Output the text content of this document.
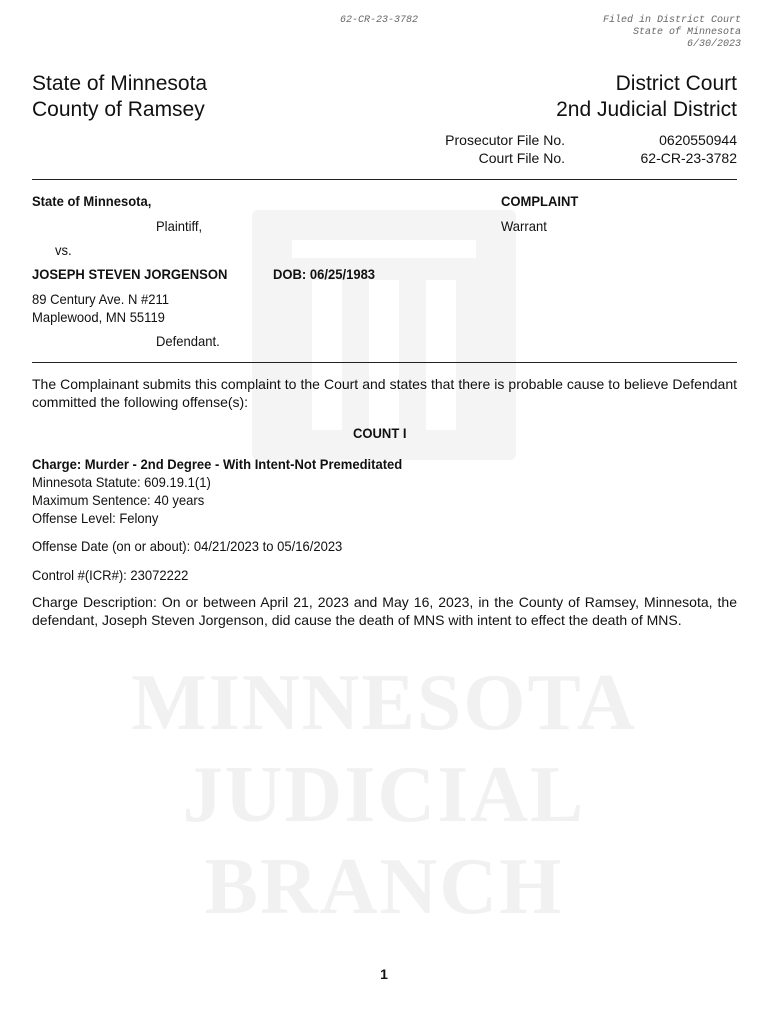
MINNESOTA
JUDICIAL
BRANCH
62-CR-23-3782	Filed in District Court
State of Minnesota
6/30/2023
State of Minnesota
County of Ramsey
District Court
2nd Judicial District
Prosecutor File No.
Court File No.
0620550944
62-CR-23-3782
State of Minnesota,
Plaintiff,
vs.
JOSEPH STEVEN JORGENSON	DOB: 06/25/1983
89 Century Ave. N #211
Maplewood, MN 55119
Defendant.
COMPLAINT
Warrant
The Complainant submits this complaint to the Court and states that there is probable cause to believe Defendant committed the following offense(s):
COUNT I
Charge: Murder - 2nd Degree - With Intent-Not Premeditated
Minnesota Statute: 609.19.1(1)
Maximum Sentence: 40 years
Offense Level: Felony
Offense Date (on or about): 04/21/2023 to 05/16/2023
Control #(ICR#): 23072222
Charge Description: On or between April 21, 2023 and May 16, 2023, in the County of Ramsey, Minnesota, the defendant, Joseph Steven Jorgenson, did cause the death of MNS with intent to effect the death of MNS.
1
